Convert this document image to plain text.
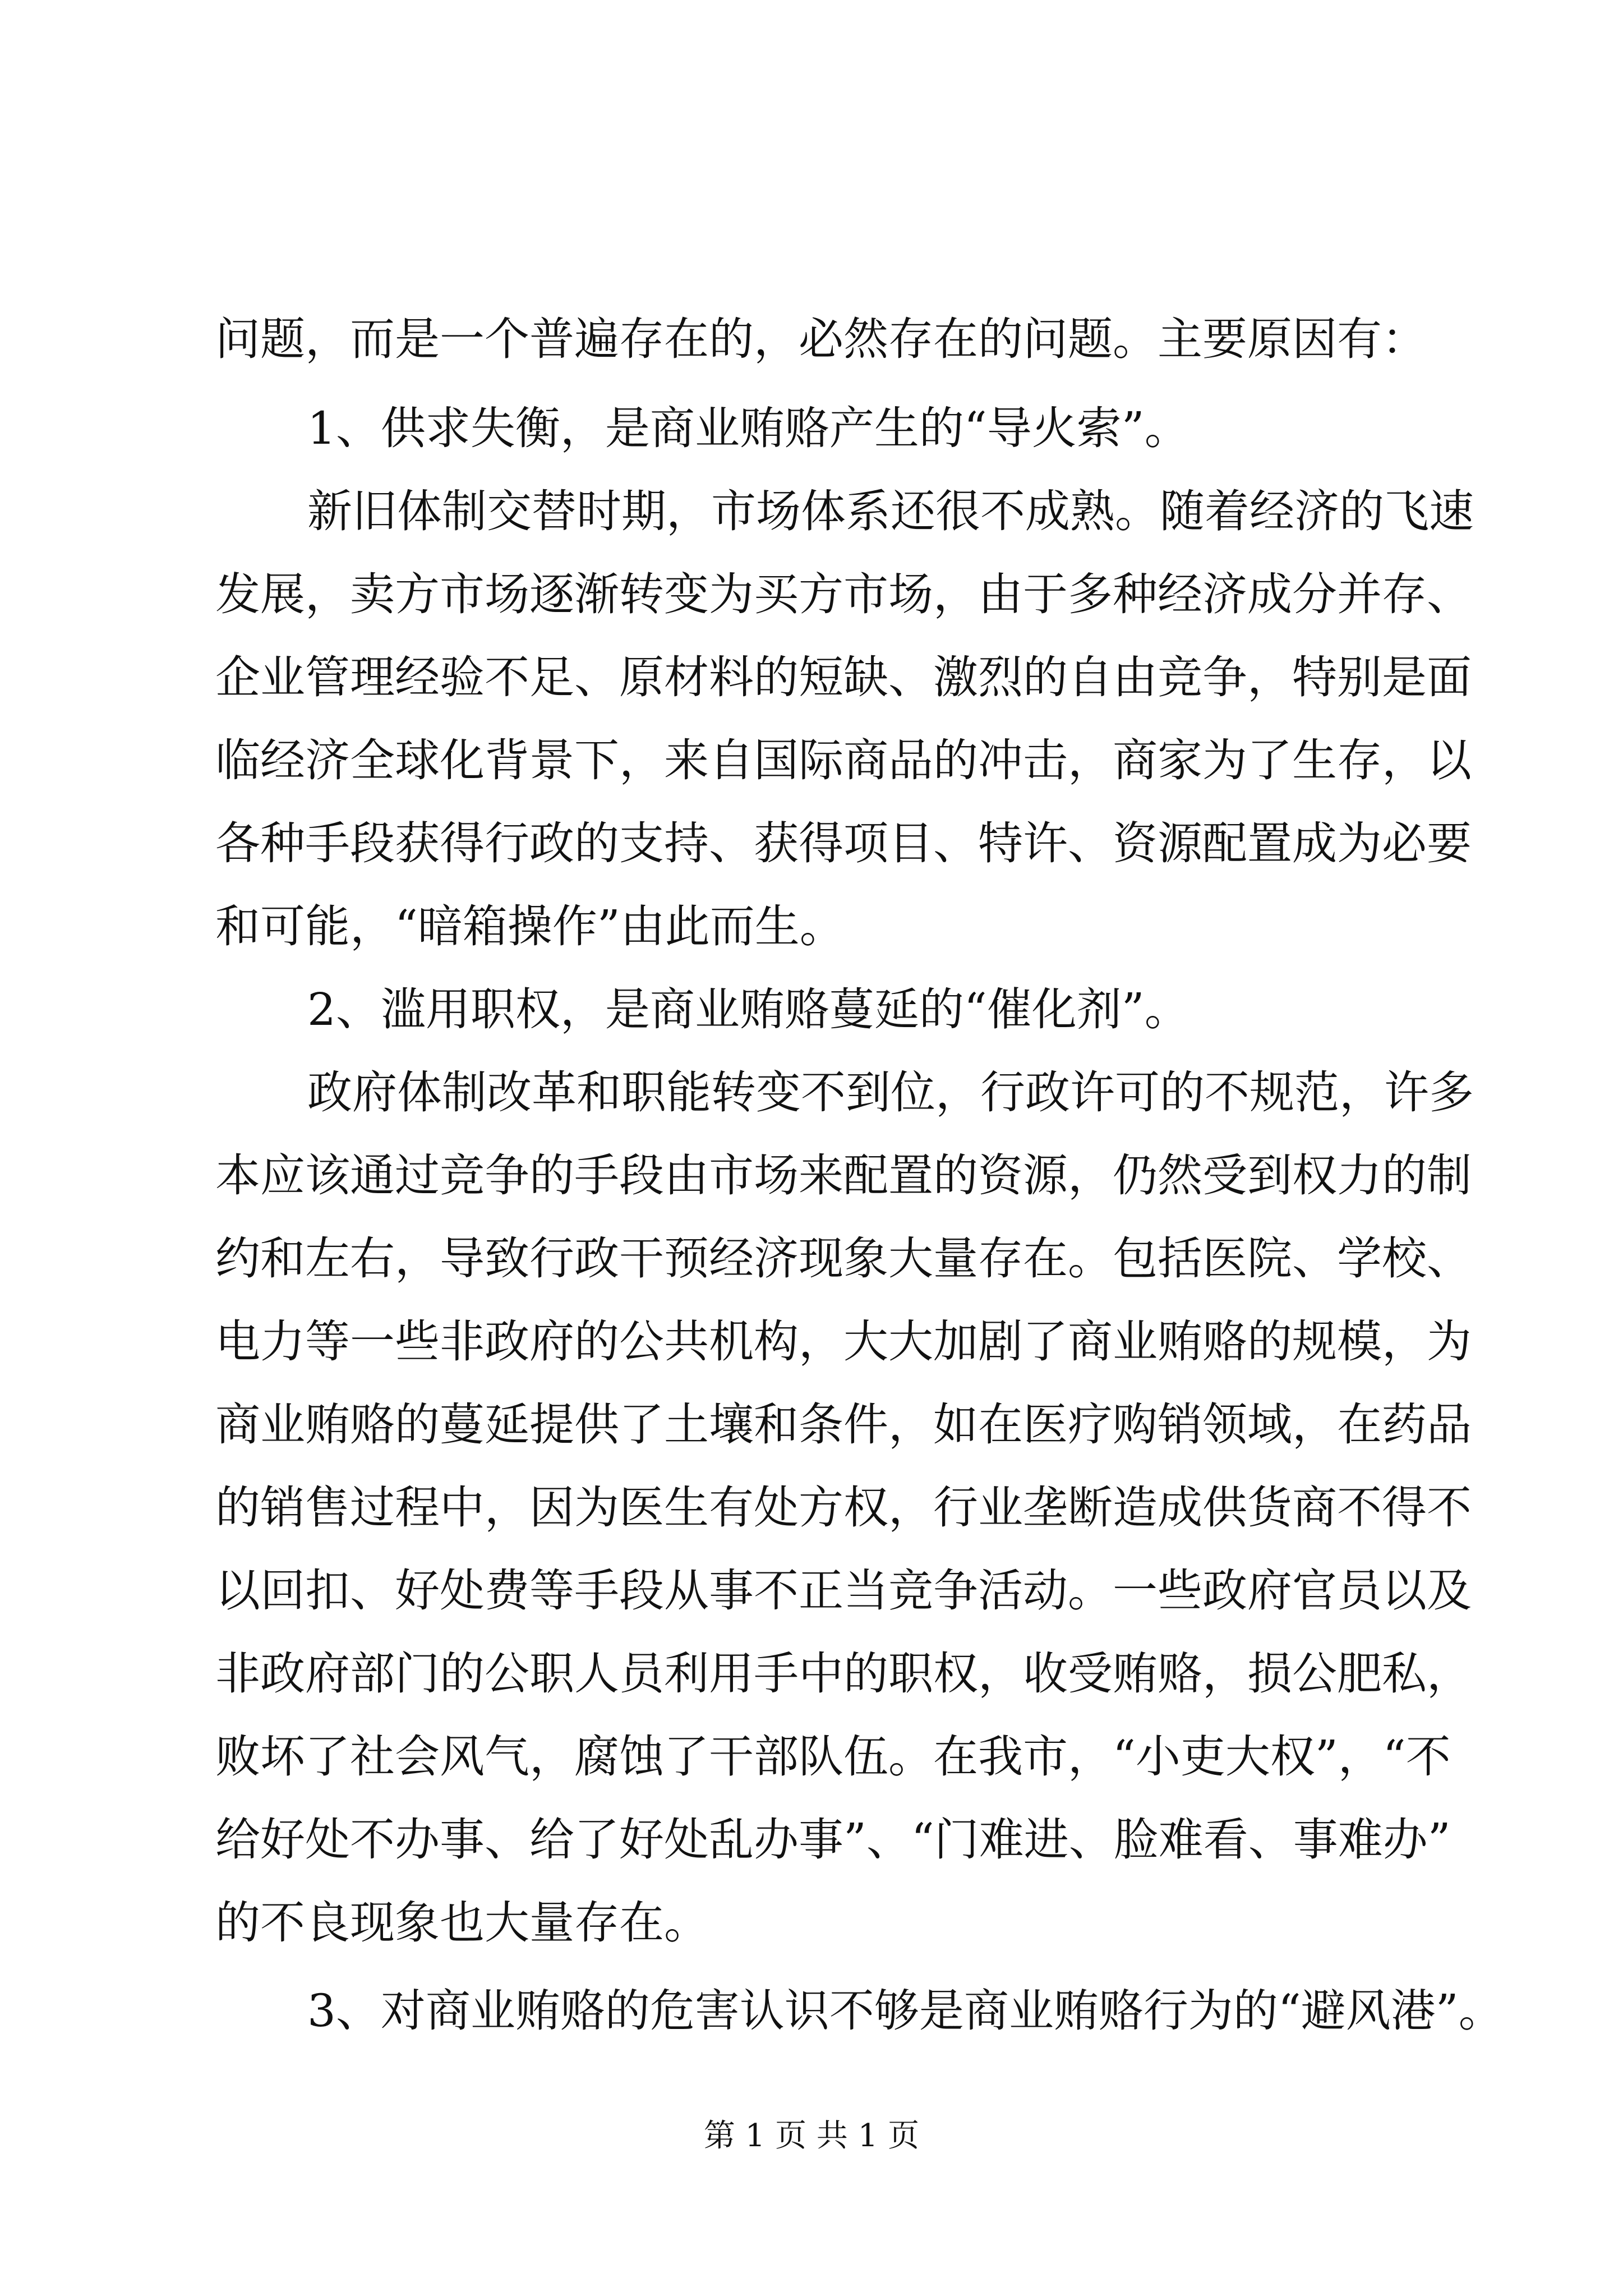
问题，而是一个普遍存在的，必然存在的问题。主要原因有：
1、供求失衡，是商业贿赂产生的“导火索”。
新旧体制交替时期，市场体系还很不成熟。随着经济的飞速
发展，卖方市场逐渐转变为买方市场，由于多种经济成分并存、
企业管理经验不足、原材料的短缺、激烈的自由竞争，特别是面
临经济全球化背景下，来自国际商品的冲击，商家为了生存，以
各种手段获得行政的支持、获得项目、特许、资源配置成为必要
和可能，“暗箱操作”由此而生。
2、滥用职权，是商业贿赂蔓延的“催化剂”。
政府体制改革和职能转变不到位，行政许可的不规范，许多
本应该通过竞争的手段由市场来配置的资源，仍然受到权力的制
约和左右，导致行政干预经济现象大量存在。包括医院、学校、
电力等一些非政府的公共机构，大大加剧了商业贿赂的规模，为
商业贿赂的蔓延提供了土壤和条件，如在医疗购销领域，在药品
的销售过程中，因为医生有处方权，行业垄断造成供货商不得不
以回扣、好处费等手段从事不正当竞争活动。一些政府官员以及
非政府部门的公职人员利用手中的职权，收受贿赂，损公肥私，
败坏了社会风气，腐蚀了干部队伍。在我市，“小吏大权”，“不
给好处不办事、给了好处乱办事”、“门难进、脸难看、事难办”
的不良现象也大量存在。
3、对商业贿赂的危害认识不够是商业贿赂行为的“避风港”。
第 1 页 共 1 页
